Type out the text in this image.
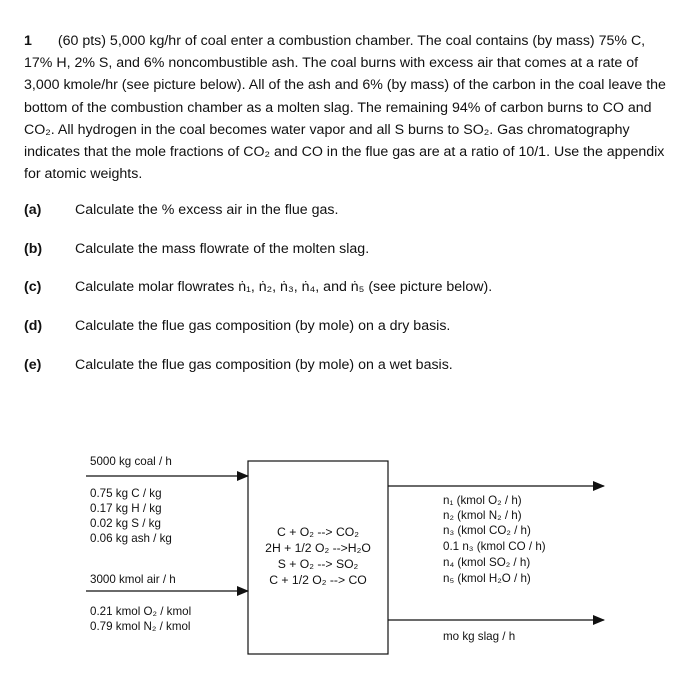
1 (60 pts) 5,000 kg/hr of coal enter a combustion chamber. The coal contains (by mass) 75% C, 17% H, 2% S, and 6% noncombustible ash. The coal burns with excess air that comes at a rate of 3,000 kmole/hr (see picture below). All of the ash and 6% (by mass) of the carbon in the coal leave the bottom of the combustion chamber as a molten slag. The remaining 94% of carbon burns to CO and CO₂. All hydrogen in the coal becomes water vapor and all S burns to SO₂. Gas chromatography indicates that the mole fractions of CO₂ and CO in the flue gas are at a ratio of 10/1. Use the appendix for atomic weights.
(a) Calculate the % excess air in the flue gas.
(b) Calculate the mass flowrate of the molten slag.
(c) Calculate molar flowrates ṅ₁, ṅ₂, ṅ₃, ṅ₄, and ṅ₅ (see picture below).
(d) Calculate the flue gas composition (by mole) on a dry basis.
(e) Calculate the flue gas composition (by mole) on a wet basis.
5000 kg coal / h
0.75 kg C / kg
0.17 kg H / kg
0.02 kg S / kg
0.06 kg ash / kg
3000 kmol air / h
0.21 kmol O₂ / kmol
0.79 kmol N₂ / kmol
C + O₂ --> CO₂
2H + 1/2 O₂ -->H₂O
S + O₂ --> SO₂
C + 1/2 O₂ --> CO
n₁ (kmol O₂ / h)
n₂ (kmol N₂ / h)
n₃ (kmol CO₂ / h)
0.1 n₃ (kmol CO / h)
n₄ (kmol SO₂ / h)
n₅ (kmol H₂O / h)
mo kg slag / h
